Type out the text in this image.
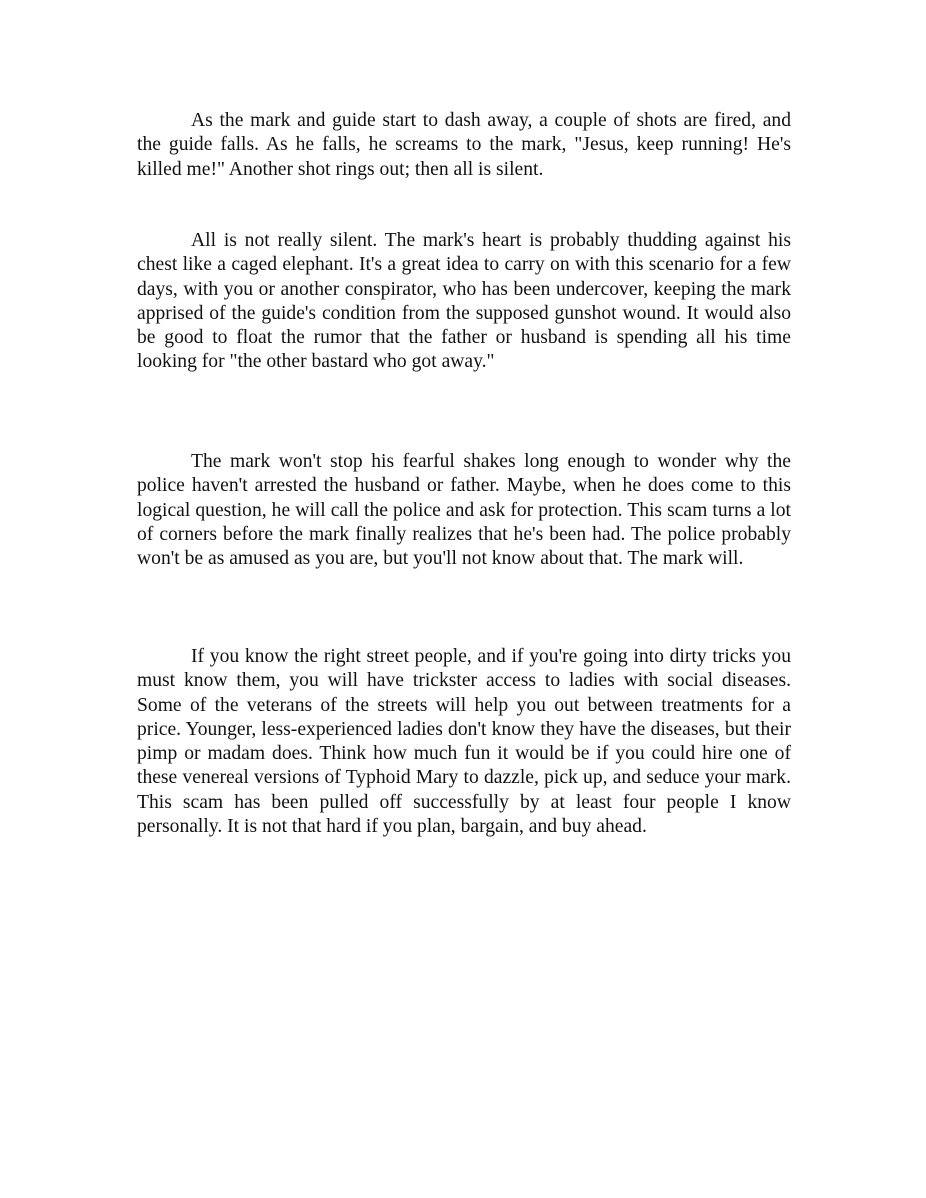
As the mark and guide start to dash away, a couple of shots are fired, and the guide falls. As he falls, he screams to the mark, "Jesus, keep running! He's killed me!" Another shot rings out; then all is silent.

All is not really silent. The mark's heart is probably thudding against his chest like a caged elephant. It's a great idea to carry on with this scenario for a few days, with you or another conspirator, who has been undercover, keeping the mark apprised of the guide's condition from the supposed gunshot wound. It would also be good to float the rumor that the father or husband is spending all his time looking for "the other bastard who got away."

The mark won't stop his fearful shakes long enough to wonder why the police haven't arrested the husband or father. Maybe, when he does come to this logical question, he will call the police and ask for protection. This scam turns a lot of corners before the mark finally realizes that he's been had. The police probably won't be as amused as you are, but you'll not know about that. The mark will.

If you know the right street people, and if you're going into dirty tricks you must know them, you will have trickster access to ladies with social diseases. Some of the veterans of the streets will help you out between treatments for a price. Younger, less-experienced ladies don't know they have the diseases, but their pimp or madam does. Think how much fun it would be if you could hire one of these venereal versions of Typhoid Mary to dazzle, pick up, and seduce your mark. This scam has been pulled off successfully by at least four people I know personally. It is not that hard if you plan, bargain, and buy ahead.
